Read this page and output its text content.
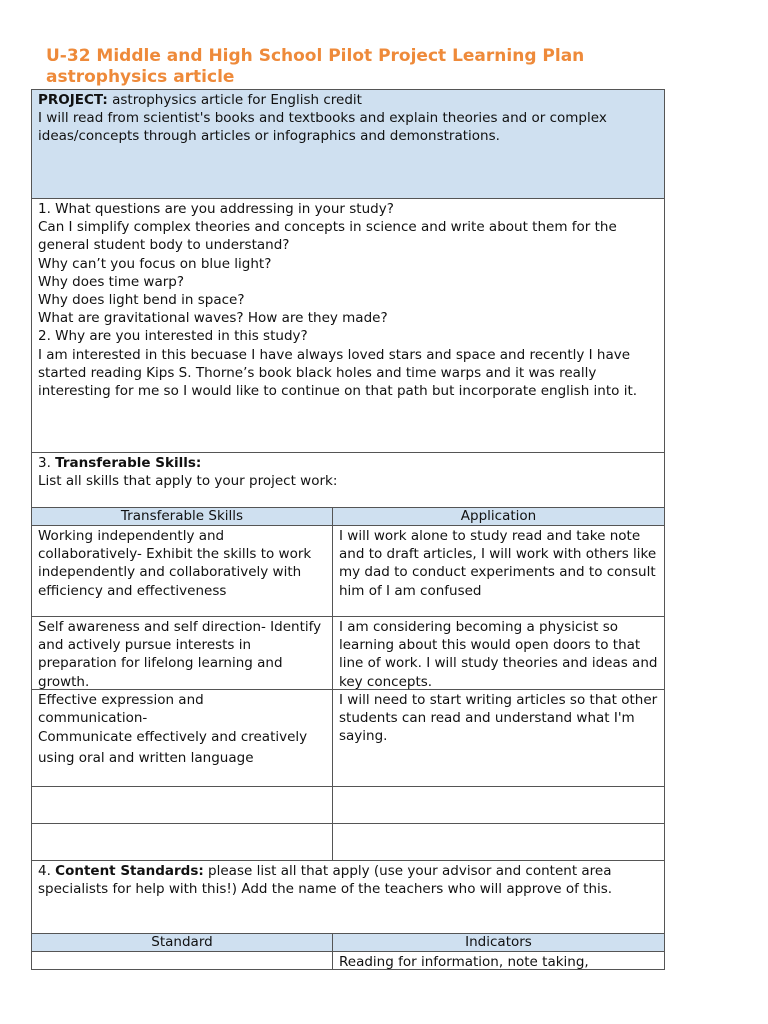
U-32 Middle and High School Pilot Project Learning Plan
astrophysics article
PROJECT: astrophysics article for English credit
I will read from scientist's books and textbooks and explain theories and or complex ideas/concepts through articles or infographics and demonstrations.
1. What questions are you addressing in your study?
Can I simplify complex theories and concepts in science and write about them for the general student body to understand?
Why can’t you focus on blue light?
Why does time warp?
Why does light bend in space?
What are gravitational waves? How are they made?
2. Why are you interested in this study?
I am interested in this becuase I have always loved stars and space and recently I have started reading Kips S. Thorne’s book black holes and time warps and it was really interesting for me so I would like to continue on that path but incorporate english into it.
3. Transferable Skills:
List all skills that apply to your project work:
Transferable Skills	Application
Working independently and collaboratively- Exhibit the skills to work independently and collaboratively with efficiency and effectiveness
I will work alone to study read and take note and to draft articles, I will work with others like my dad to conduct experiments and to consult him of I am confused
Self awareness and self direction- Identify and actively pursue interests in preparation for lifelong learning and growth.
I am considering becoming a physicist so learning about this would open doors to that line of work. I will study theories and ideas and key concepts.
Effective expression and
communication-
Communicate effectively and creatively using oral and written language
I will need to start writing articles so that other students can read and understand what I'm saying.
4. Content Standards: please list all that apply (use your advisor and content area specialists for help with this!) Add the name of the teachers who will approve of this.
Standard	Indicators
Reading for information, note taking,
